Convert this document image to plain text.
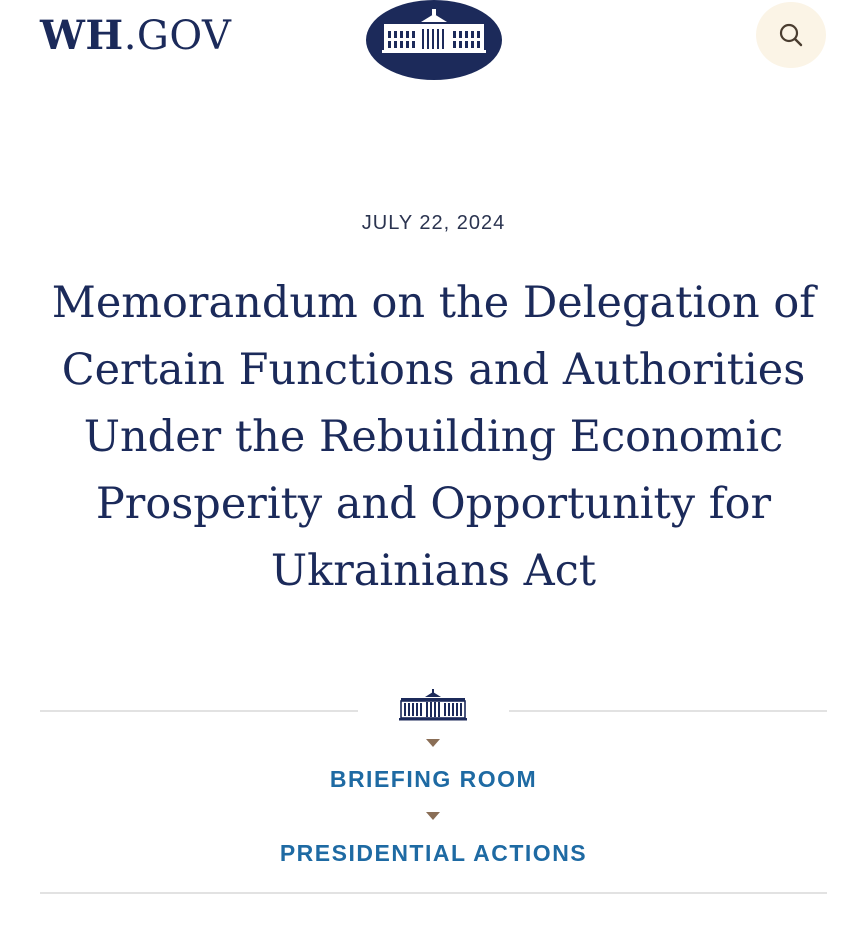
WH.GOV

JULY 22, 2024

Memorandum on the Delegation of Certain Functions and Authorities Under the Rebuilding Economic Prosperity and Opportunity for Ukrainians Act
BRIEFING ROOM
PRESIDENTIAL ACTIONS
